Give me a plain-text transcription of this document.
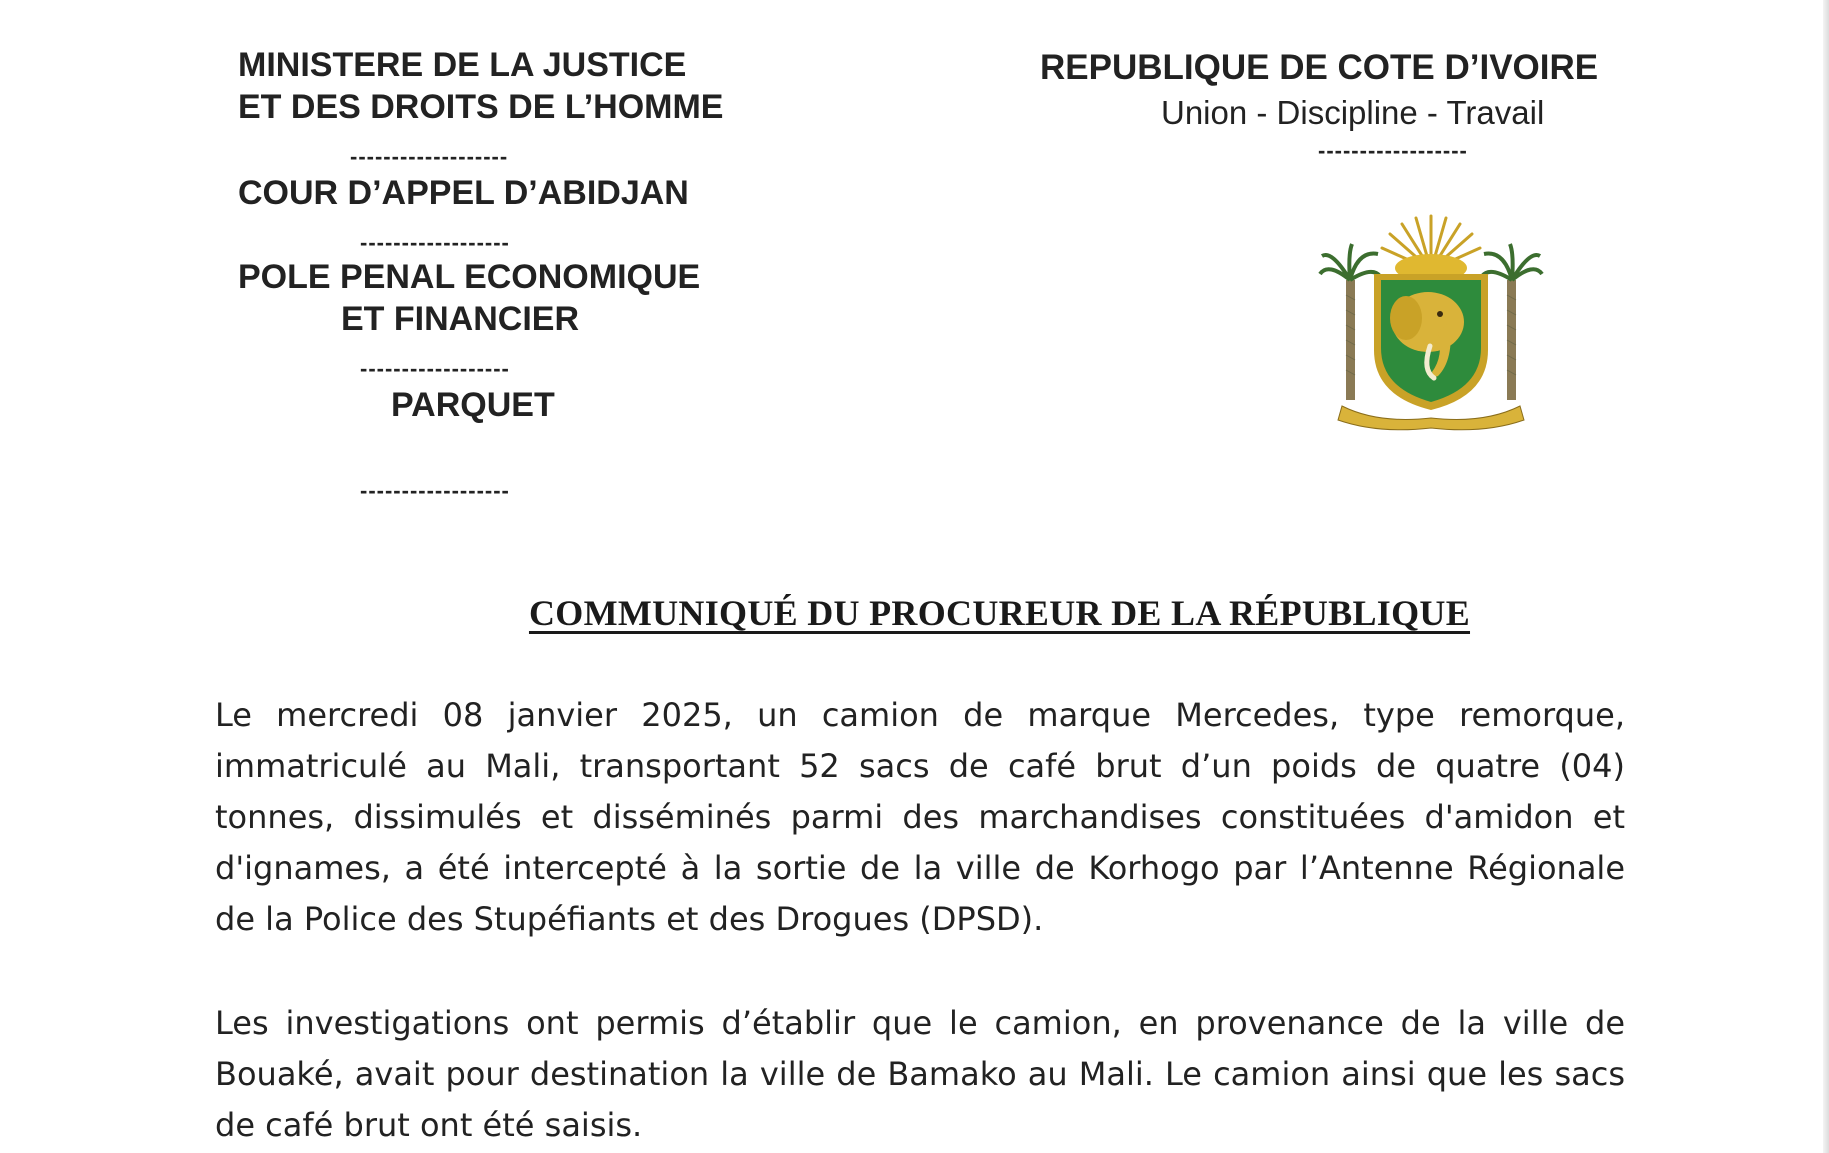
MINISTERE DE LA JUSTICE
ET DES DROITS DE L’HOMME
-------------------
COUR D’APPEL D’ABIDJAN
------------------
POLE PENAL ECONOMIQUE
ET FINANCIER
------------------
PARQUET
------------------
REPUBLIQUE DE COTE D’IVOIRE
Union - Discipline - Travail
------------------
COMMUNIQUÉ DU PROCUREUR DE LA RÉPUBLIQUE
Le mercredi 08 janvier 2025, un camion de marque Mercedes, type remorque, immatriculé au Mali, transportant 52 sacs de café brut d’un poids de quatre (04) tonnes, dissimulés et disséminés parmi des marchandises constituées d'amidon et d'ignames, a été intercepté à la sortie de la ville de Korhogo par l’Antenne Régionale de la Police des Stupéfiants et des Drogues (DPSD).
Les investigations ont permis d’établir que le camion, en provenance de la ville de Bouaké, avait pour destination la ville de Bamako au Mali. Le camion ainsi que les sacs de café brut ont été saisis.
